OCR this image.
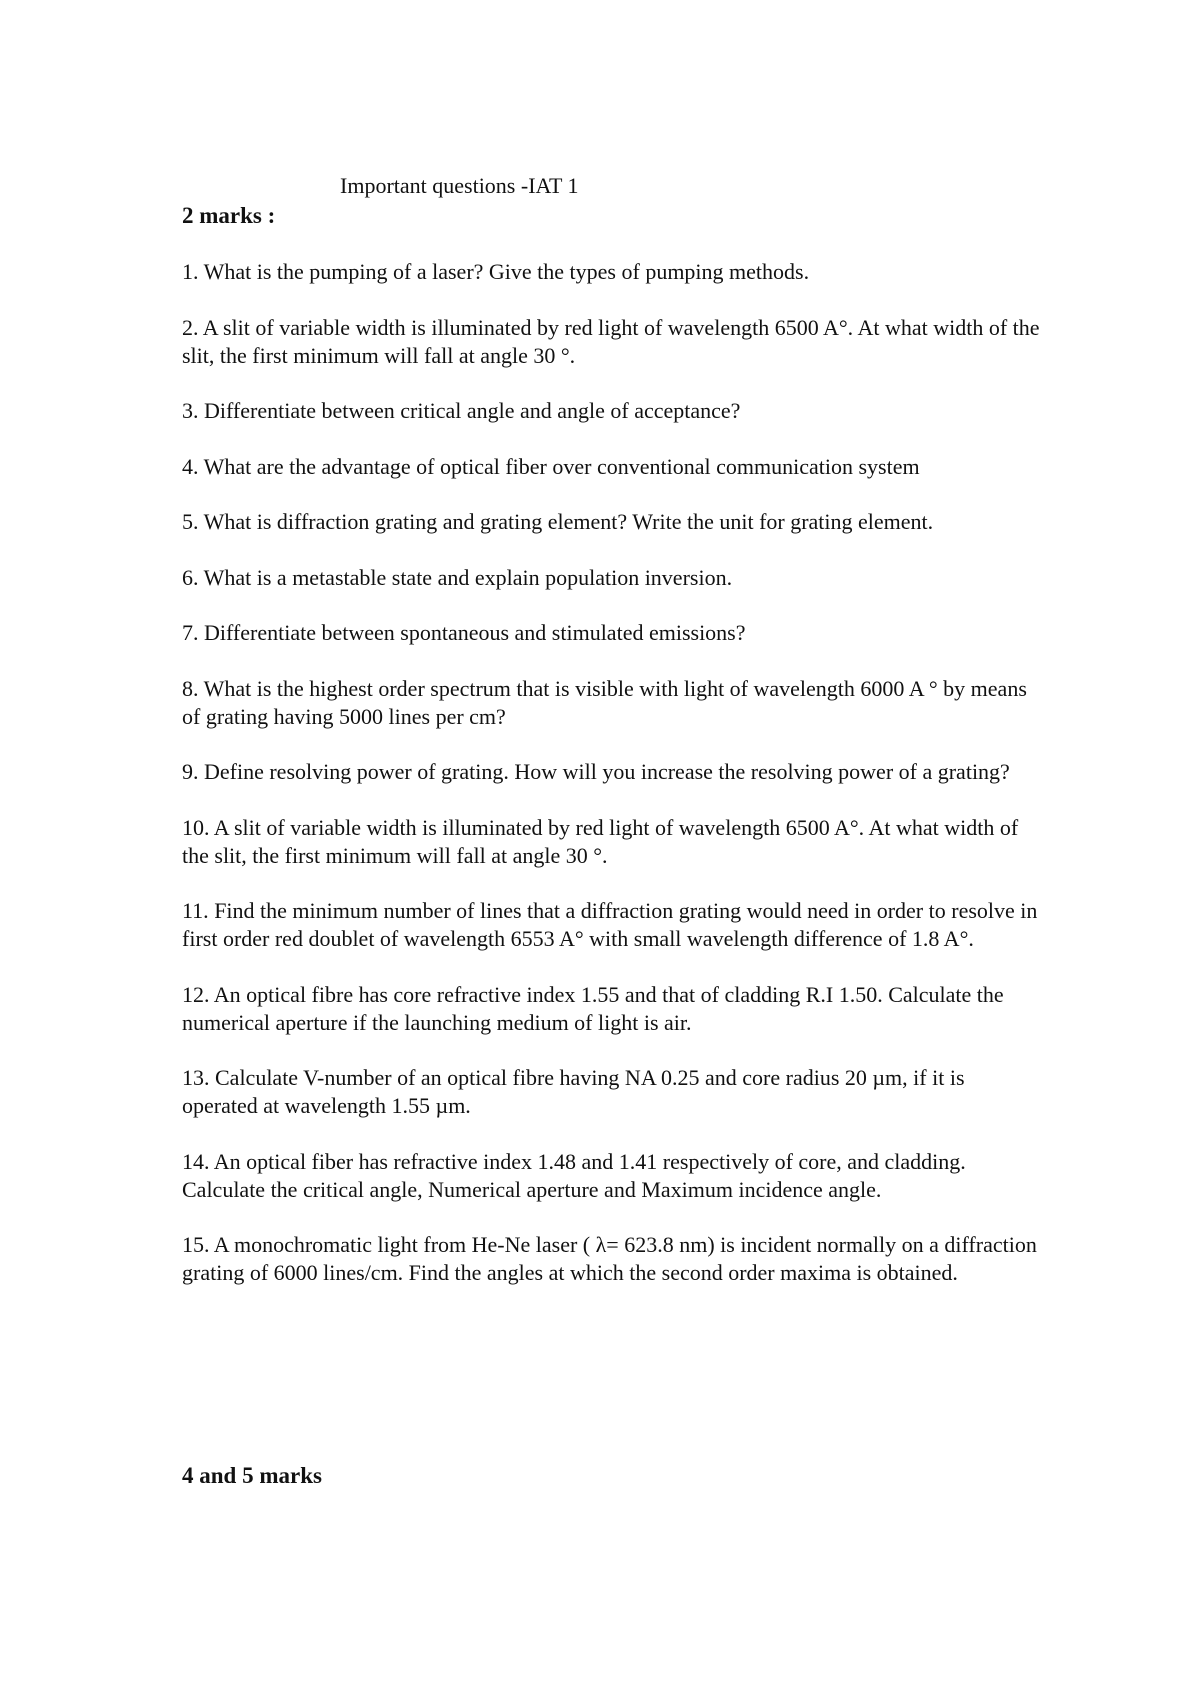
Important questions -IAT 1
2 marks :
1. What is the pumping of a laser? Give the types of pumping methods.
2. A slit of variable width is illuminated by red light of wavelength 6500 A°. At what width of the slit, the first minimum will fall at angle 30 °.
3. Differentiate between critical angle and angle of acceptance?
4. What are the advantage of optical fiber over conventional communication system
5. What is diffraction grating and grating element? Write the unit for grating element.
6. What is a metastable state and explain population inversion.
7. Differentiate between spontaneous and stimulated emissions?
8. What is the highest order spectrum that is visible with light of wavelength 6000 A ° by means of grating having 5000 lines per cm?
9. Define resolving power of grating. How will you increase the resolving power of a grating?
10. A slit of variable width is illuminated by red light of wavelength 6500 A°. At what width of the slit, the first minimum will fall at angle 30 °.
11. Find the minimum number of lines that a diffraction grating would need in order to resolve in first order red doublet of wavelength 6553 A° with small wavelength difference of 1.8 A°.
12. An optical fibre has core refractive index 1.55 and that of cladding R.I 1.50. Calculate the numerical aperture if the launching medium of light is air.
13. Calculate V-number of an optical fibre having NA 0.25 and core radius 20 µm, if it is operated at wavelength 1.55 µm.
14. An optical fiber has refractive index 1.48 and 1.41 respectively of core, and cladding. Calculate the critical angle, Numerical aperture and Maximum incidence angle.
15. A monochromatic light from He-Ne laser ( λ= 623.8 nm) is incident normally on a diffraction grating of 6000 lines/cm. Find the angles at which the second order maxima is obtained.
4 and 5 marks
